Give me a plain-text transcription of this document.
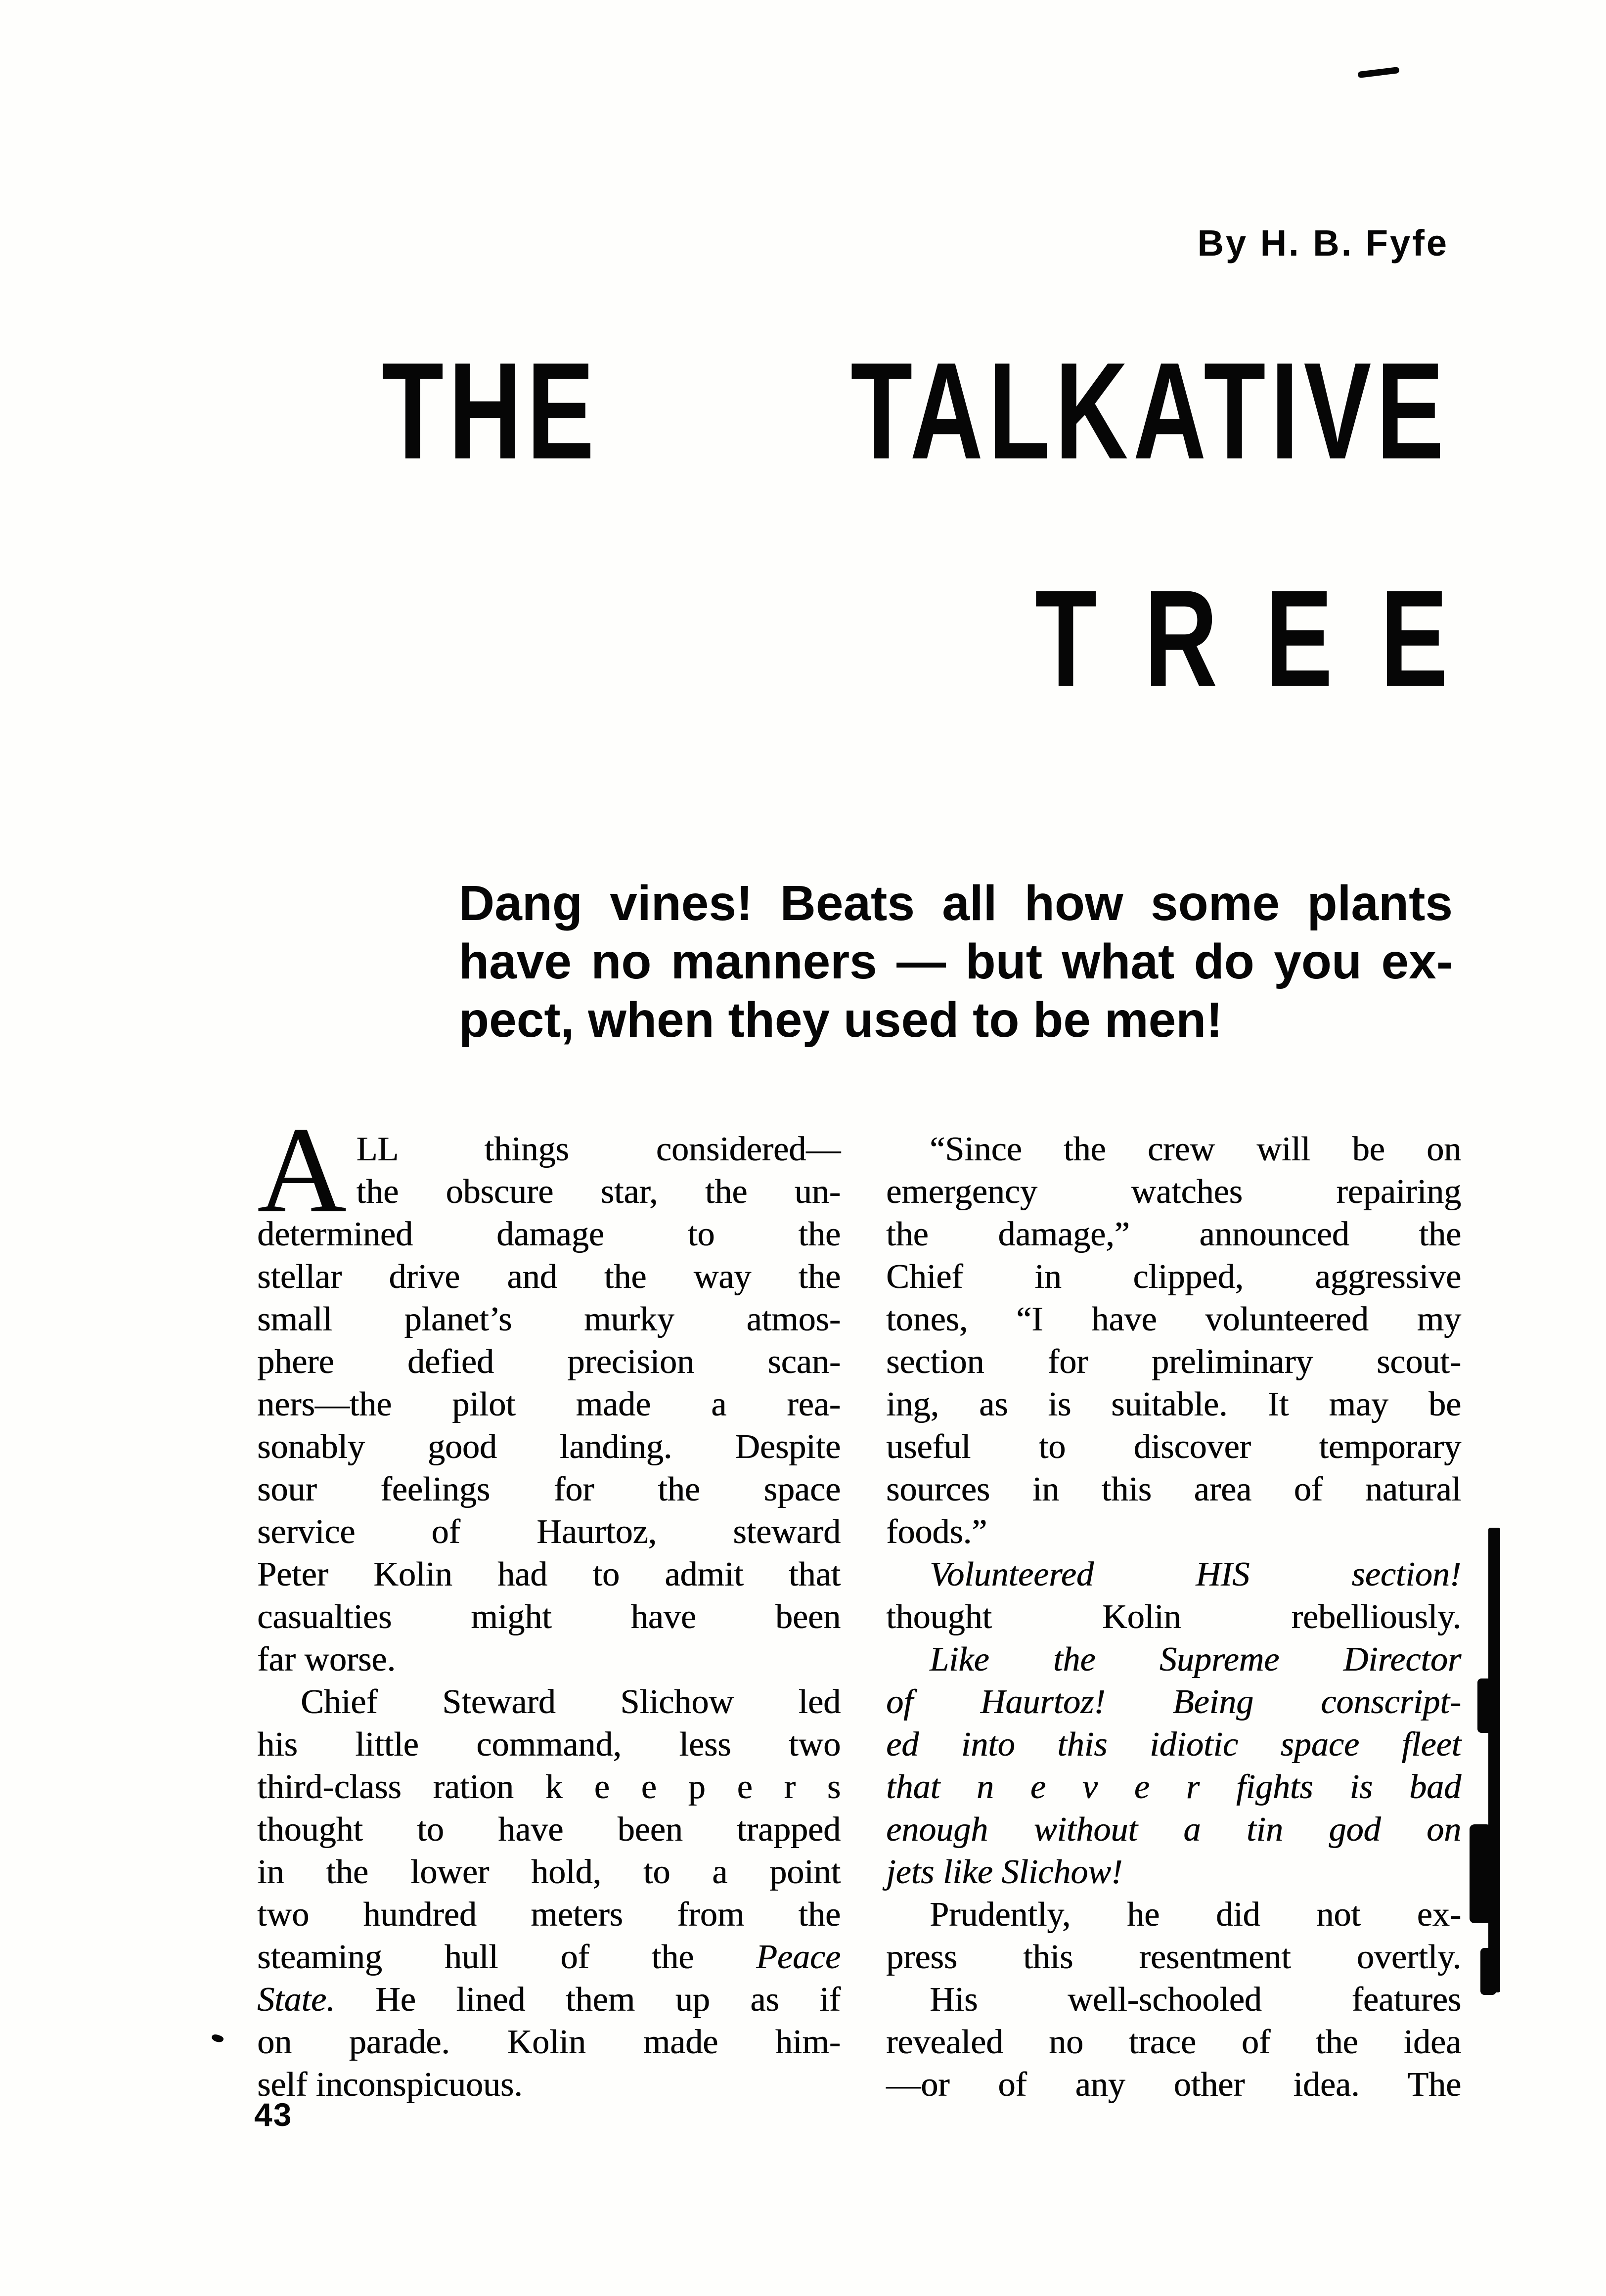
By H. B. Fyfe
THE TALKATIVE
T R E E
Dang vines! Beats all how some plants
have no manners — but what do you ex-
pect, when they used to be men!
A LL things considered—
the obscure star, the un-
determined damage to the
stellar drive and the way the
small planet’s murky atmos-
phere defied precision scan-
ners—the pilot made a rea-
sonably good landing. Despite
sour feelings for the space
service of Haurtoz, steward
Peter Kolin had to admit that
casualties might have been
far worse.
Chief Steward Slichow led
his little command, less two
third-class ration k e e p e r s
thought to have been trapped
in the lower hold, to a point
two hundred meters from the
steaming hull of the Peace
State. He lined them up as if
on parade. Kolin made him-
self inconspicuous.
“Since the crew will be on
emergency watches repairing
the damage,” announced the
Chief in clipped, aggressive
tones, “I have volunteered my
section for preliminary scout-
ing, as is suitable. It may be
useful to discover temporary
sources in this area of natural
foods.”
Volunteered HIS section!
thought Kolin rebelliously.
Like the Supreme Director
of Haurtoz! Being conscript-
ed into this idiotic space fleet
that n e v e r fights is bad
enough without a tin god on
jets like Slichow!
Prudently, he did not ex-
press this resentment overtly.
His well-schooled features
revealed no trace of the idea
—or of any other idea. The
43
